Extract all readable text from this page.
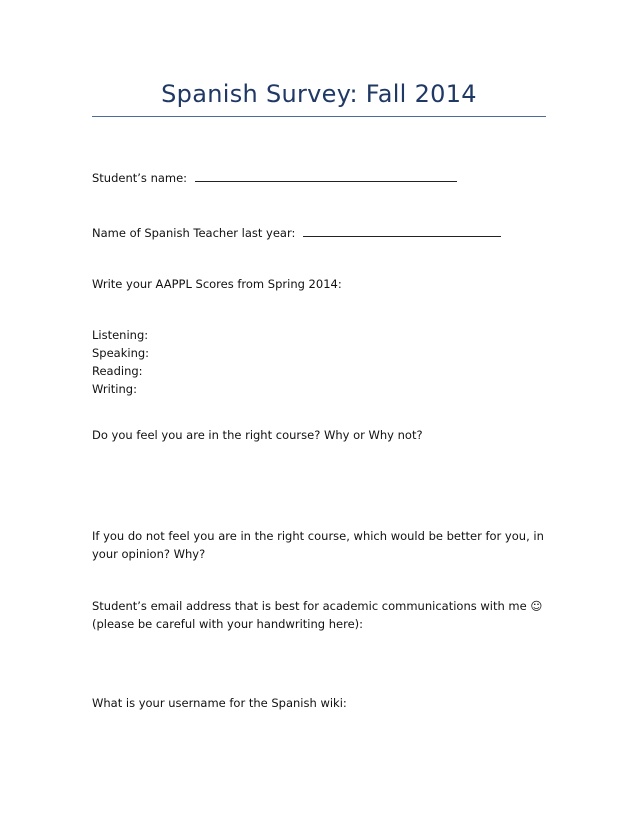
Spanish Survey: Fall 2014
Student’s name:
Name of Spanish Teacher last year:
Write your AAPPL Scores from Spring 2014:
Listening:
Speaking:
Reading:
Writing:
Do you feel you are in the right course? Why or Why not?
If you do not feel you are in the right course, which would be better for you, in your opinion? Why?
Student’s email address that is best for academic communications with me ☺ (please be careful with your handwriting here):
What is your username for the Spanish wiki:
